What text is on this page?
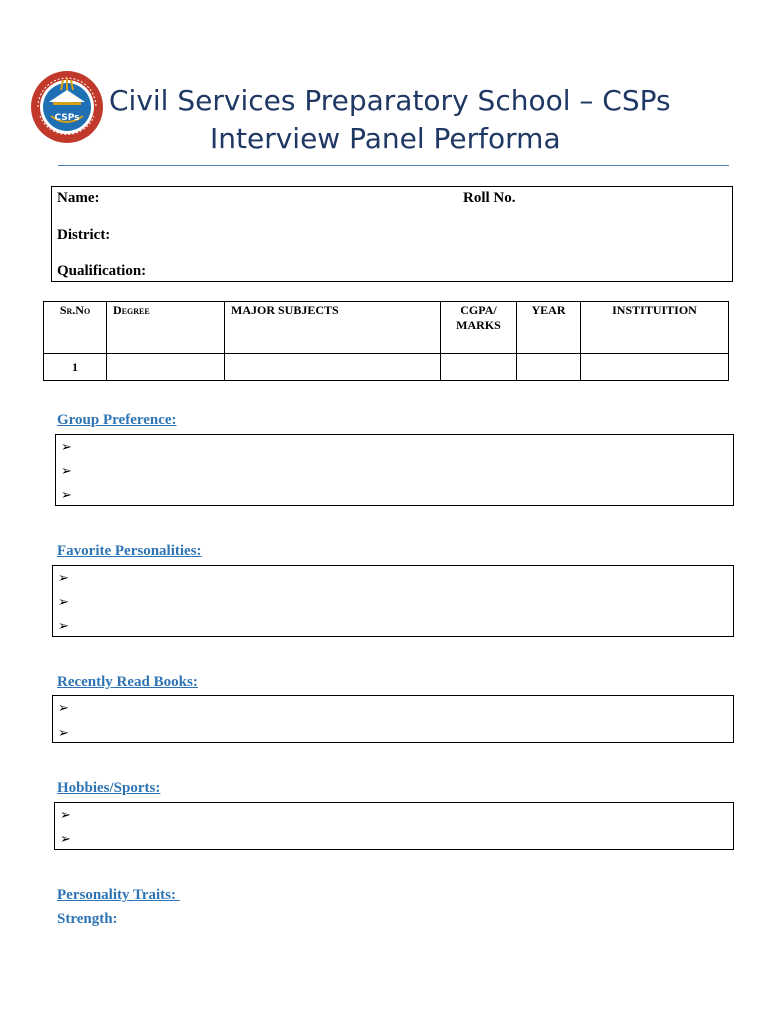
CSPs
Civil Services Preparatory School – CSPs
Interview Panel Performa
Name:	Roll No.
District:
Qualification:
Sr.No	Degree	MAJOR SUBJECTS	CGPA/ MARKS	YEAR	INSTITUITION
1					
Group Preference:
➢
➢
➢
Favorite Personalities:
➢
➢
➢
Recently Read Books:
➢
➢
Hobbies/Sports:
➢
➢
Personality Traits:
Strength:
